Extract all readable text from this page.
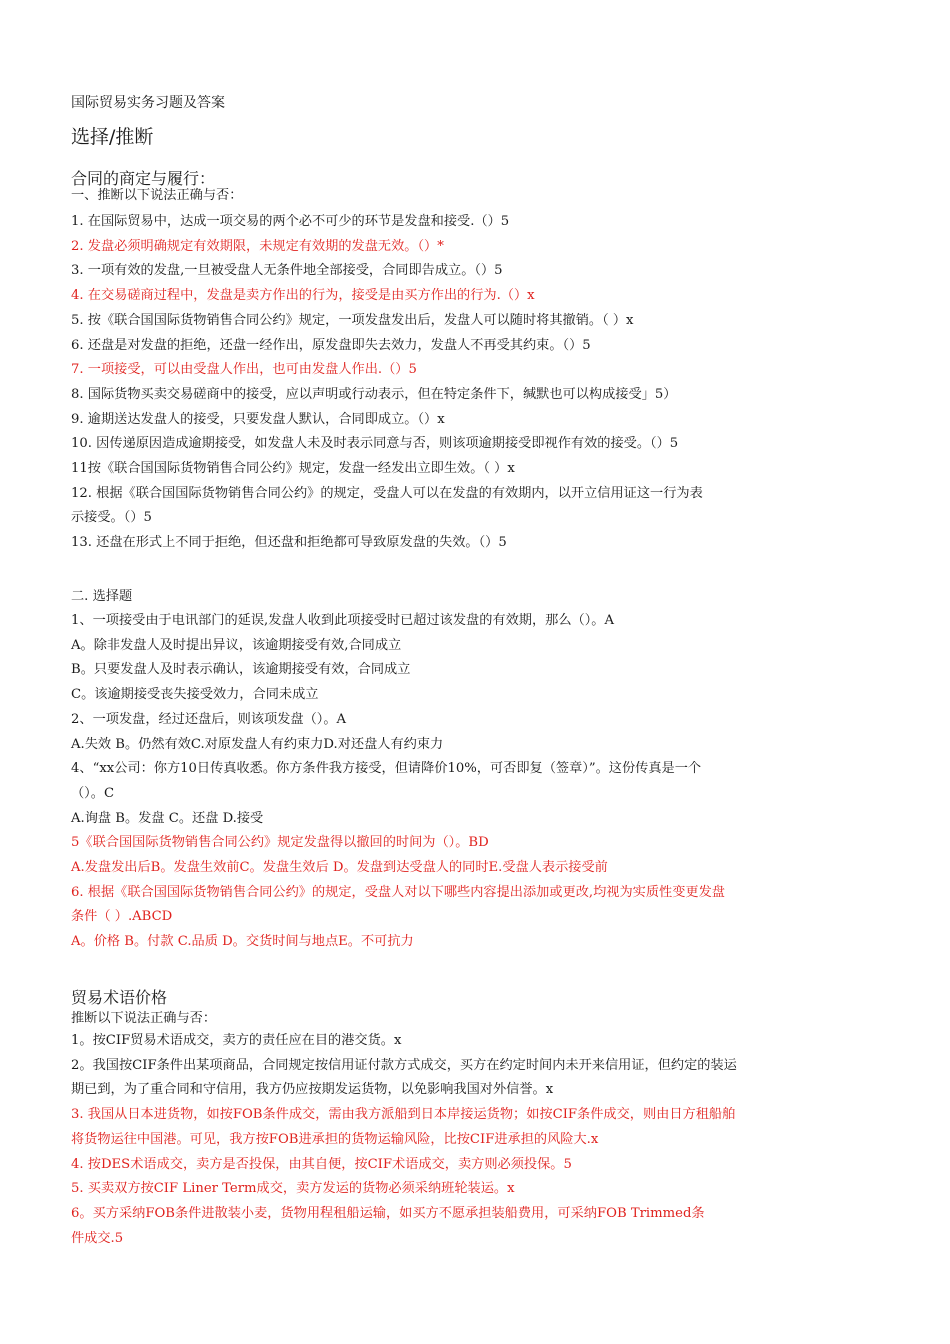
国际贸易实务习题及答案
选择/推断
合同的商定与履行：
一、推断以下说法正确与否：
1. 在国际贸易中，达成一项交易的两个必不可少的环节是发盘和接受.（）5
2. 发盘必须明确规定有效期限，未规定有效期的发盘无效。（）*
3. 一项有效的发盘,一旦被受盘人无条件地全部接受，合同即告成立。（）5
4. 在交易磋商过程中，发盘是卖方作出的行为，接受是由买方作出的行为.（）x
5. 按《联合国国际货物销售合同公约》规定，一项发盘发出后，发盘人可以随时将其撤销。（ ）x
6. 还盘是对发盘的拒绝，还盘一经作出，原发盘即失去效力，发盘人不再受其约束。（）5
7. 一项接受，可以由受盘人作出，也可由发盘人作出.（）5
8. 国际货物买卖交易磋商中的接受，应以声明或行动表示，但在特定条件下，缄默也可以构成接受」5）
9. 逾期送达发盘人的接受，只要发盘人默认，合同即成立。（）x
10. 因传递原因造成逾期接受，如发盘人未及时表示同意与否，则该项逾期接受即视作有效的接受。（）5
11按《联合国国际货物销售合同公约》规定，发盘一经发出立即生效。（ ）x
12. 根据《联合国国际货物销售合同公约》的规定，受盘人可以在发盘的有效期内，以开立信用证这一行为表
示接受。（）5
13. 还盘在形式上不同于拒绝，但还盘和拒绝都可导致原发盘的失效。（）5
二. 选择题
1、一项接受由于电讯部门的延误,发盘人收到此项接受时已超过该发盘的有效期，那么（）。A
A。除非发盘人及时提出异议，该逾期接受有效,合同成立
B。只要发盘人及时表示确认，该逾期接受有效，合同成立
C。该逾期接受丧失接受效力，合同未成立
2、一项发盘，经过还盘后，则该项发盘（）。A
A.失效 B。仍然有效C.对原发盘人有约束力D.对还盘人有约束力
4、“xx公司：你方10日传真收悉。你方条件我方接受，但请降价10%，可否即复（签章）”。这份传真是一个
（）。C
A.询盘 B。发盘 C。还盘 D.接受
5《联合国国际货物销售合同公约》规定发盘得以撤回的时间为（）。BD
A.发盘发出后B。发盘生效前C。发盘生效后 D。发盘到达受盘人的同时E.受盘人表示接受前
6. 根据《联合国国际货物销售合同公约》的规定，受盘人对以下哪些内容提出添加或更改,均视为实质性变更发盘
条件（ ）.ABCD
A。价格 B。付款 C.品质 D。交货时间与地点E。不可抗力
贸易术语价格
推断以下说法正确与否：
1。按CIF贸易术语成交，卖方的责任应在目的港交货。x
2。我国按CIF条件出某项商品，合同规定按信用证付款方式成交，买方在约定时间内未开来信用证，但约定的装运
期已到，为了重合同和守信用，我方仍应按期发运货物，以免影响我国对外信誉。x
3. 我国从日本进货物，如按FOB条件成交，需由我方派船到日本岸接运货物；如按CIF条件成交，则由日方租船舶
将货物运往中国港。可见，我方按FOB进承担的货物运输风险，比按CIF进承担的风险大.x
4. 按DES术语成交，卖方是否投保，由其自便，按CIF术语成交，卖方则必须投保。5
5. 买卖双方按CIF Liner Term成交，卖方发运的货物必须采纳班轮装运。x
6。买方采纳FOB条件进散装小麦，货物用程租船运输，如买方不愿承担装船费用，可采纳FOB Trimmed条
件成交.5
